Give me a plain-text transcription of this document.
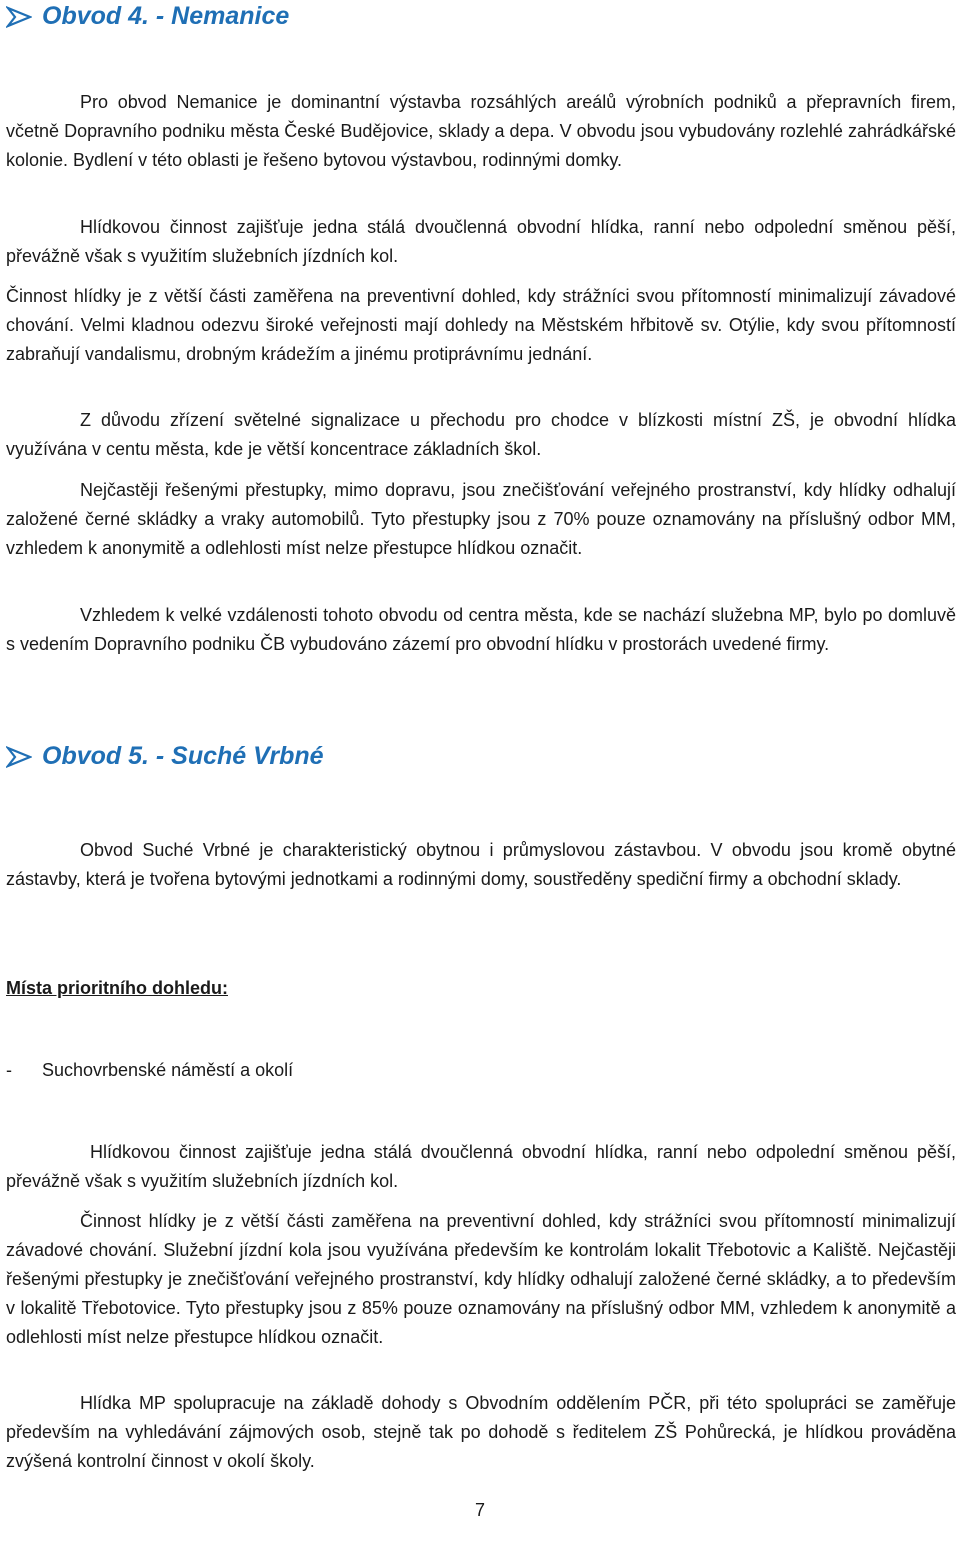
Obvod 4. - Nemanice

Pro obvod Nemanice je dominantní výstavba rozsáhlých areálů výrobních podniků a přepravních firem, včetně Dopravního podniku města České Budějovice, sklady a depa. V obvodu jsou vybudovány rozlehlé zahrádkářské kolonie. Bydlení v této oblasti je řešeno bytovou výstavbou, rodinnými domky.

Hlídkovou činnost zajišťuje jedna stálá dvoučlenná obvodní hlídka, ranní nebo odpolední směnou pěší, převážně však s využitím služebních jízdních kol.

Činnost hlídky je z větší části zaměřena na preventivní dohled, kdy strážníci svou přítomností minimalizují závadové chování. Velmi kladnou odezvu široké veřejnosti mají dohledy na Městském hřbitově sv. Otýlie, kdy svou přítomností zabraňují vandalismu, drobným krádežím a jinému protiprávnímu jednání.

Z důvodu zřízení světelné signalizace u přechodu pro chodce v blízkosti místní ZŠ, je obvodní hlídka využívána v centu města, kde je větší koncentrace základních škol.

Nejčastěji řešenými přestupky, mimo dopravu, jsou znečišťování veřejného prostranství, kdy hlídky odhalují založené černé skládky a vraky automobilů. Tyto přestupky jsou z 70% pouze oznamovány na příslušný odbor MM, vzhledem k anonymitě a odlehlosti míst nelze přestupce hlídkou označit.

Vzhledem k velké vzdálenosti tohoto obvodu od centra města, kde se nachází služebna MP, bylo po domluvě s vedením Dopravního podniku ČB vybudováno zázemí pro obvodní hlídku v prostorách uvedené firmy.

Obvod 5. - Suché Vrbné

Obvod Suché Vrbné je charakteristický obytnou i průmyslovou zástavbou. V obvodu jsou kromě obytné zástavby, která je tvořena bytovými jednotkami a rodinnými domy, soustředěny spediční firmy a obchodní sklady.

Místa prioritního dohledu:

-	Suchovrbenské náměstí a okolí

Hlídkovou činnost zajišťuje jedna stálá dvoučlenná obvodní hlídka, ranní nebo odpolední směnou pěší, převážně však s využitím služebních jízdních kol.

Činnost hlídky je z větší části zaměřena na preventivní dohled, kdy strážníci svou přítomností minimalizují závadové chování. Služební jízdní kola jsou využívána především ke kontrolám lokalit Třebotovic a Kaliště. Nejčastěji řešenými přestupky je znečišťování veřejného prostranství, kdy hlídky odhalují založené černé skládky, a to především v lokalitě Třebotovice. Tyto přestupky jsou z 85% pouze oznamovány na příslušný odbor MM, vzhledem k anonymitě a odlehlosti míst nelze přestupce hlídkou označit.

Hlídka MP spolupracuje na základě dohody s Obvodním oddělením PČR, při této spolupráci se zaměřuje především na vyhledávání zájmových osob, stejně tak po dohodě s ředitelem ZŠ Pohůrecká, je hlídkou prováděna zvýšená kontrolní činnost v okolí školy.

7
